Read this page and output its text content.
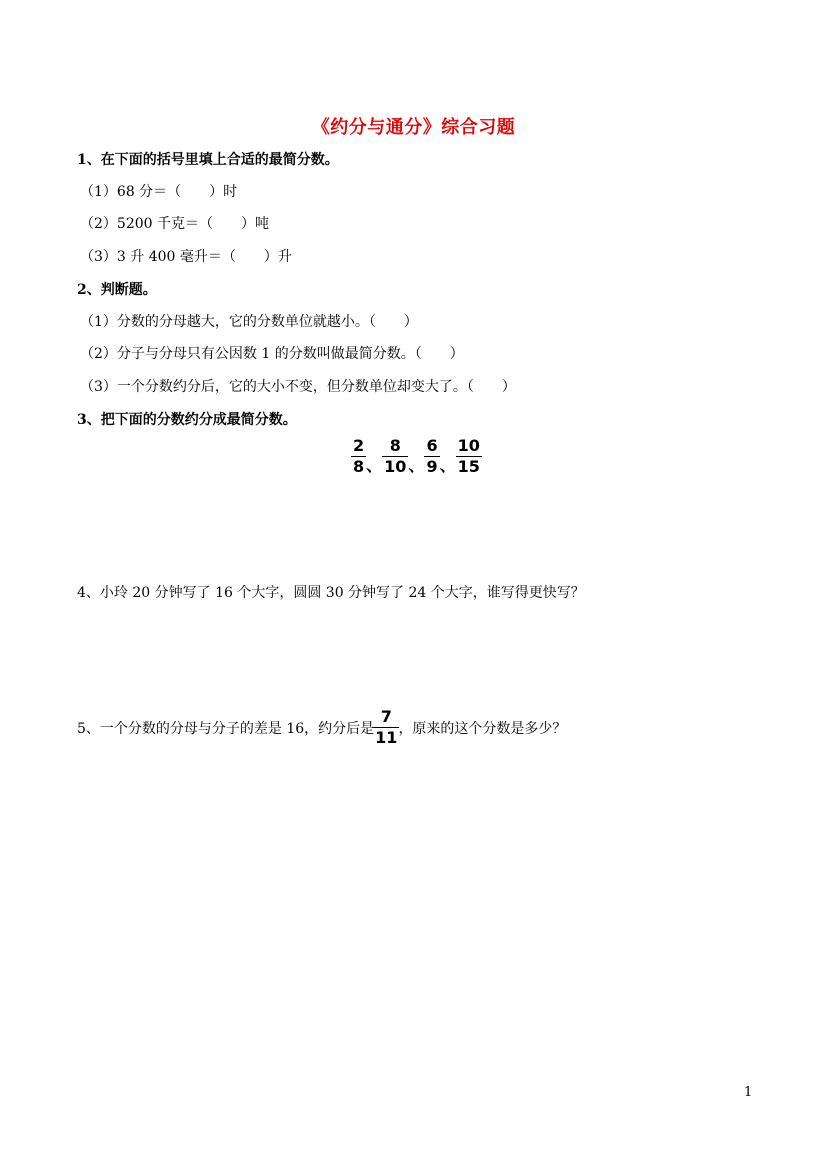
《约分与通分》综合习题
1、在下面的括号里填上合适的最简分数。
（1）68 分＝（　　）时
（2）5200 千克＝（　　）吨
（3）3 升 400 毫升＝（　　）升
2、判断题。
（1）分数的分母越大，它的分数单位就越小。（　　）
（2）分子与分母只有公因数 1 的分数叫做最简分数。（　　）
（3）一个分数约分后，它的大小不变，但分数单位却变大了。（　　）
3、把下面的分数约分成最简分数。
$\frac{2}{8}$ 、 $\frac{8}{10}$ 、 $\frac{6}{9}$ 、 $\frac{10}{15}$
4、小玲 20 分钟写了 16 个大字，圆圆 30 分钟写了 24 个大字，谁写得更快写？
5、一个分数的分母与分子的差是 16，约分后是 $\frac{7}{11}$ ，原来的这个分数是多少？
1
